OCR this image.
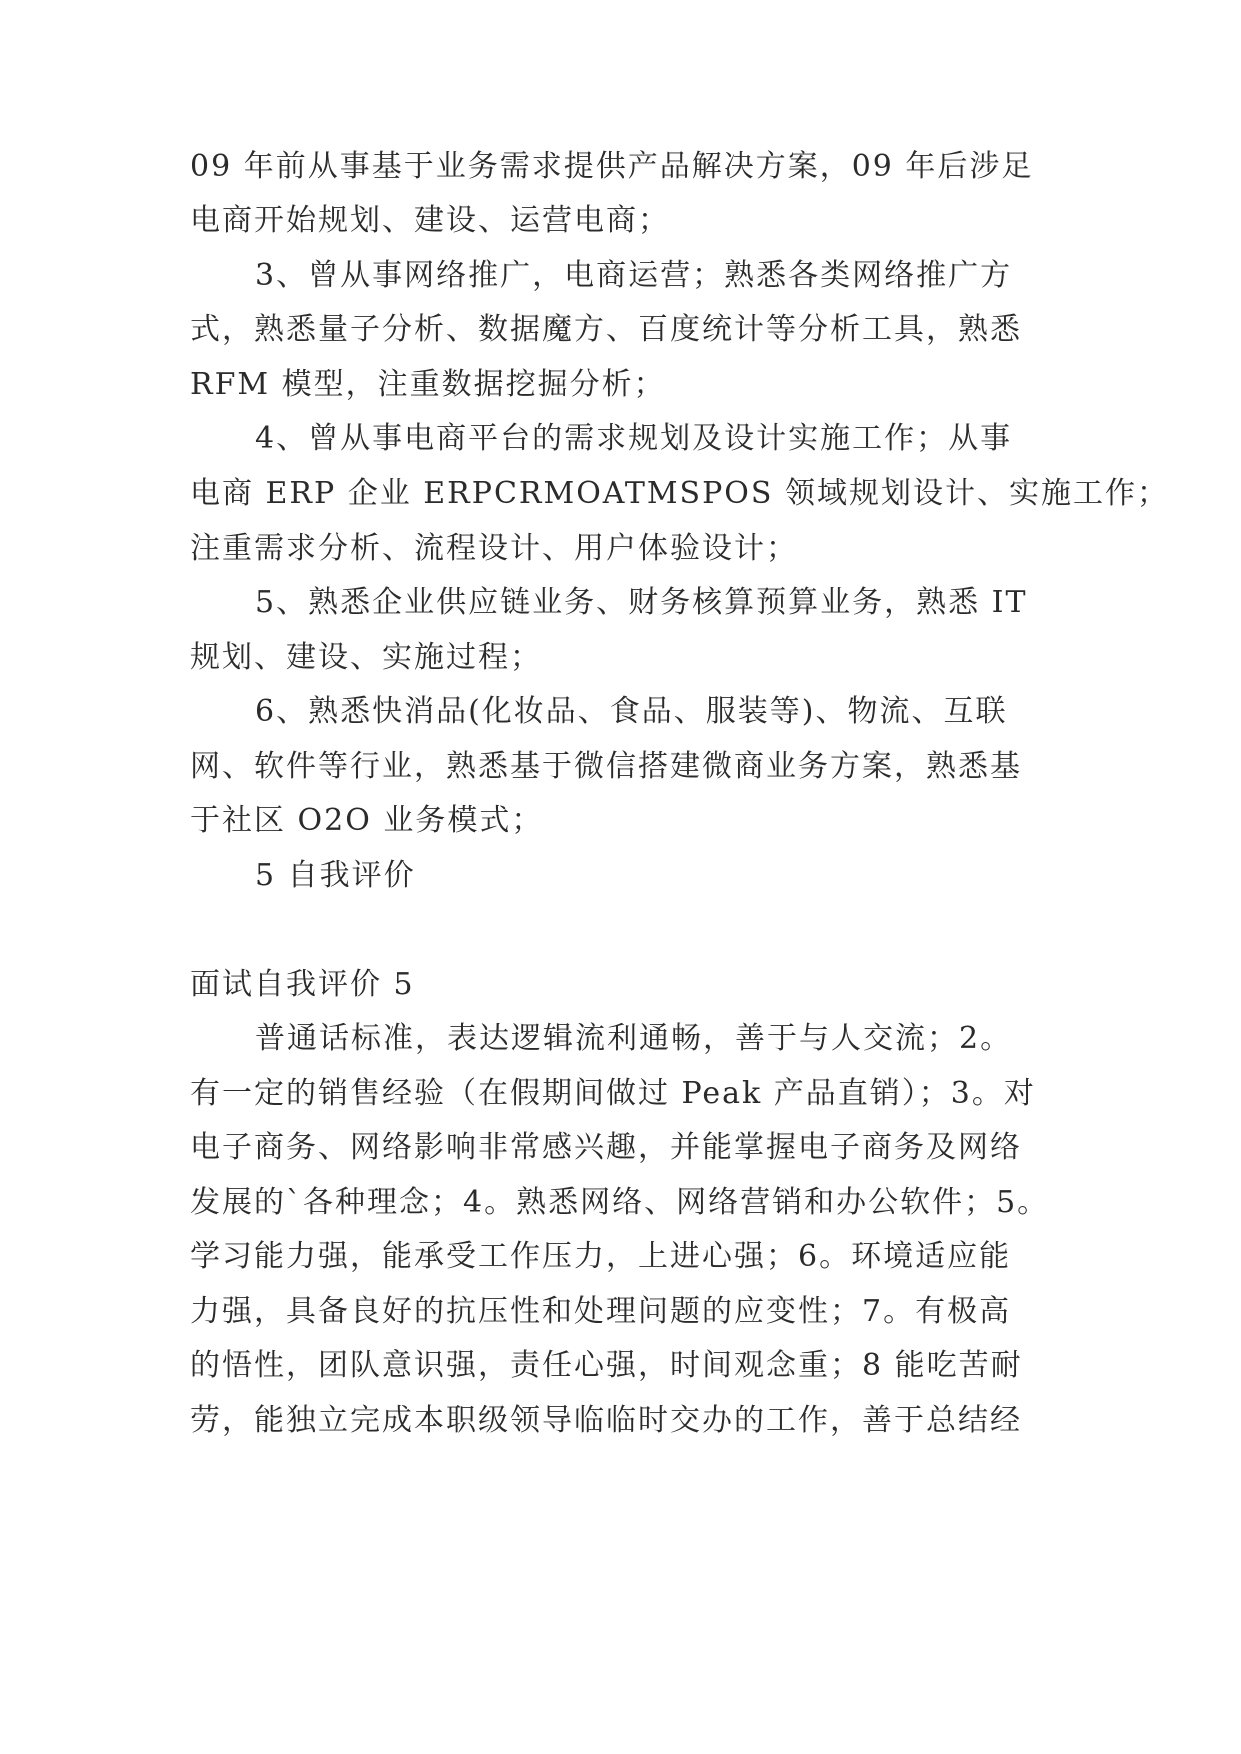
09 年前从事基于业务需求提供产品解决方案，09 年后涉足

电商开始规划、建设、运营电商；

3、曾从事网络推广，电商运营；熟悉各类网络推广方

式，熟悉量子分析、数据魔方、百度统计等分析工具，熟悉

RFM 模型，注重数据挖掘分析；

4、曾从事电商平台的需求规划及设计实施工作；从事

电商 ERP 企业 ERPCRMOATMSPOS 领域规划设计、实施工作；

注重需求分析、流程设计、用户体验设计；

5、熟悉企业供应链业务、财务核算预算业务，熟悉 IT

规划、建设、实施过程；

6、熟悉快消品(化妆品、食品、服装等)、物流、互联

网、软件等行业，熟悉基于微信搭建微商业务方案，熟悉基

于社区 O2O 业务模式；

5 自我评价

面试自我评价 5

普通话标准，表达逻辑流利通畅，善于与人交流；2。

有一定的销售经验（在假期间做过 Peak 产品直销）；3。对

电子商务、网络影响非常感兴趣，并能掌握电子商务及网络

发展的`各种理念；4。熟悉网络、网络营销和办公软件；5。

学习能力强，能承受工作压力，上进心强；6。环境适应能

力强，具备良好的抗压性和处理问题的应变性；7。有极高

的悟性，团队意识强，责任心强，时间观念重；8 能吃苦耐

劳，能独立完成本职级领导临临时交办的工作，善于总结经
